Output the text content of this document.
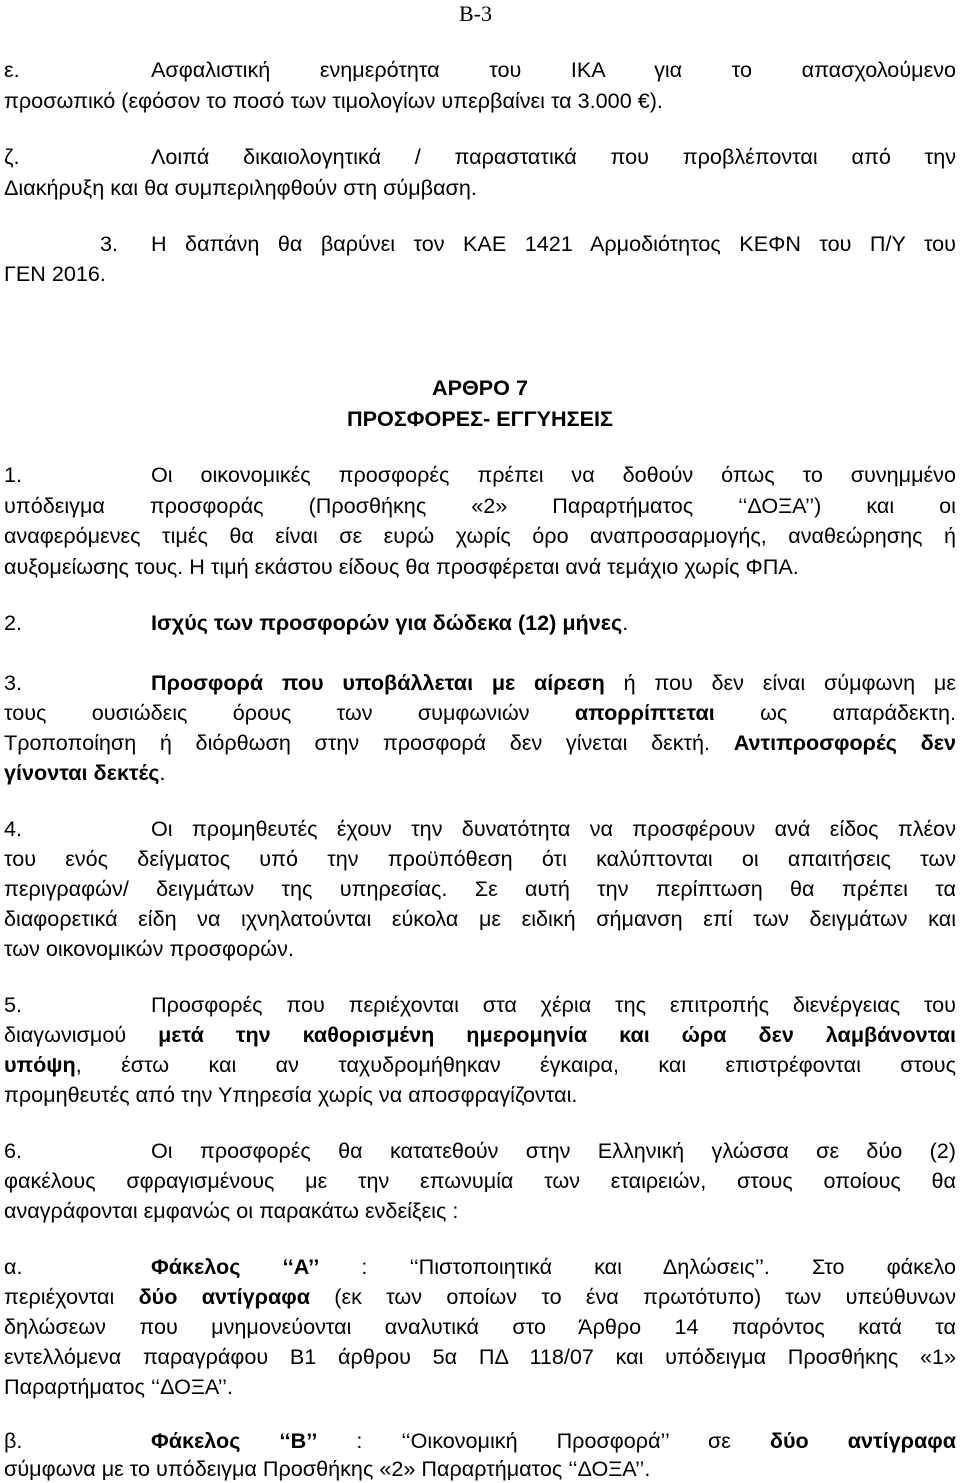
B-3
ε.	Ασφαλιστική ενημερότητα του ΙΚΑ για το απασχολούμενο
προσωπικό (εφόσον το ποσό των τιμολογίων υπερβαίνει τα 3.000 €).
ζ.	Λοιπά δικαιολογητικά / παραστατικά που προβλέπονται από την
Διακήρυξη και θα συμπεριληφθούν στη σύμβαση.
3. Η δαπάνη θα βαρύνει τον ΚΑΕ 1421 Αρμοδιότητος ΚΕΦΝ του Π/Υ του
ΓΕΝ 2016.
ΑΡΘΡΟ 7
ΠΡΟΣΦΟΡΕΣ- ΕΓΓΥΗΣΕΙΣ
1.	Οι οικονομικές προσφορές πρέπει να δοθούν όπως το συνημμένο
υπόδειγμα προσφοράς (Προσθήκης «2» Παραρτήματος ‘‘ΔΟΞΑ’’) και οι
αναφερόμενες τιμές θα είναι σε ευρώ χωρίς όρο αναπροσαρμογής, αναθεώρησης ή
αυξομείωσης τους. Η τιμή εκάστου είδους θα προσφέρεται ανά τεμάχιο χωρίς ΦΠΑ.
2.	Ισχύς των προσφορών για δώδεκα (12) μήνες.
3.	Προσφορά που υποβάλλεται με αίρεση ή που δεν είναι σύμφωνη με
τους ουσιώδεις όρους των συμφωνιών απορρίπτεται ως απαράδεκτη.
Τροποποίηση ή διόρθωση στην προσφορά δεν γίνεται δεκτή. Αντιπροσφορές δεν
γίνονται δεκτές.
4.	Οι προμηθευτές έχουν την δυνατότητα να προσφέρουν ανά είδος πλέον
του ενός δείγματος υπό την προϋπόθεση ότι καλύπτονται οι απαιτήσεις των
περιγραφών/ δειγμάτων της υπηρεσίας. Σε αυτή την περίπτωση θα πρέπει τα
διαφορετικά είδη να ιχνηλατούνται εύκολα με ειδική σήμανση επί των δειγμάτων και
των οικονομικών προσφορών.
5.	Προσφορές που περιέχονται στα χέρια της επιτροπής διενέργειας του
διαγωνισμού μετά την καθορισμένη ημερομηνία και ώρα δεν λαμβάνονται
υπόψη, έστω και αν ταχυδρομήθηκαν έγκαιρα, και επιστρέφονται στους
προμηθευτές από την Υπηρεσία χωρίς να αποσφραγίζονται.
6.	Οι προσφορές θα κατατεθούν στην Ελληνική γλώσσα σε δύο (2)
φακέλους σφραγισμένους με την επωνυμία των εταιρειών, στους οποίους θα
αναγράφονται εμφανώς οι παρακάτω ενδείξεις :
α.	Φάκελος ‘‘Α’’ : ‘‘Πιστοποιητικά και Δηλώσεις’’. Στο φάκελο
περιέχονται δύο αντίγραφα (εκ των οποίων το ένα πρωτότυπο) των υπεύθυνων
δηλώσεων που μνημονεύονται αναλυτικά στο Άρθρο 14 παρόντος κατά τα
εντελλόμενα παραγράφου Β1 άρθρου 5α ΠΔ 118/07 και υπόδειγμα Προσθήκης «1»
Παραρτήματος ‘‘ΔΟΞΑ’’.
β.	Φάκελος ‘‘Β’’ : ‘‘Οικονομική Προσφορά’’ σε δύο αντίγραφα
σύμφωνα με το υπόδειγμα Προσθήκης «2» Παραρτήματος ‘‘ΔΟΞΑ’’.
